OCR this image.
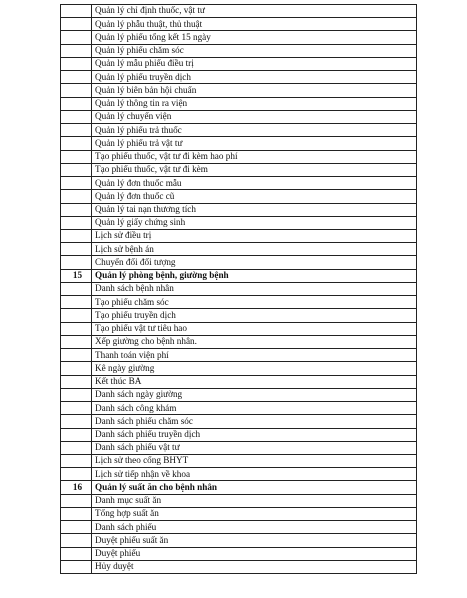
	Quản lý chỉ định thuốc, vật tư
	Quản lý phẫu thuật, thủ thuật
	Quản lý phiếu tổng kết 15 ngày
	Quản lý phiếu chăm sóc
	Quản lý mẫu phiếu điều trị
	Quản lý phiếu truyền dịch
	Quản lý biên bản hội chuẩn
	Quản lý thông tin ra viện
	Quản lý chuyển viện
	Quản lý phiếu trả thuốc
	Quản lý phiếu trả vật tư
	Tạo phiếu thuốc, vật tư đi kèm hao phí
	Tạo phiếu thuốc, vật tư đi kèm
	Quản lý đơn thuốc mẫu
	Quản lý đơn thuốc cũ
	Quản lý tai nạn thương tích
	Quản lý giấy chứng sinh
	Lịch sử điều trị
	Lịch sử bệnh án
	Chuyển đổi đối tượng
15	Quản lý phòng bệnh, giường bệnh
	Danh sách bệnh nhân
	Tạo phiếu chăm sóc
	Tạo phiếu truyền dịch
	Tạo phiếu vật tư tiêu hao
	Xếp giường cho bệnh nhân.
	Thanh toán viện phí
	Kê ngày giường
	Kết thúc BA
	Danh sách ngày giường
	Danh sách công khám
	Danh sách phiếu chăm sóc
	Danh sách phiếu truyền dịch
	Danh sách phiếu vật tư
	Lịch sử theo cổng BHYT
	Lịch sử tiếp nhận về khoa
16	Quản lý suất ăn cho bệnh nhân
	Danh mục suất ăn
	Tổng hợp suất ăn
	Danh sách phiếu
	Duyệt phiếu suất ăn
	Duyệt phiếu
	Hủy duyệt
